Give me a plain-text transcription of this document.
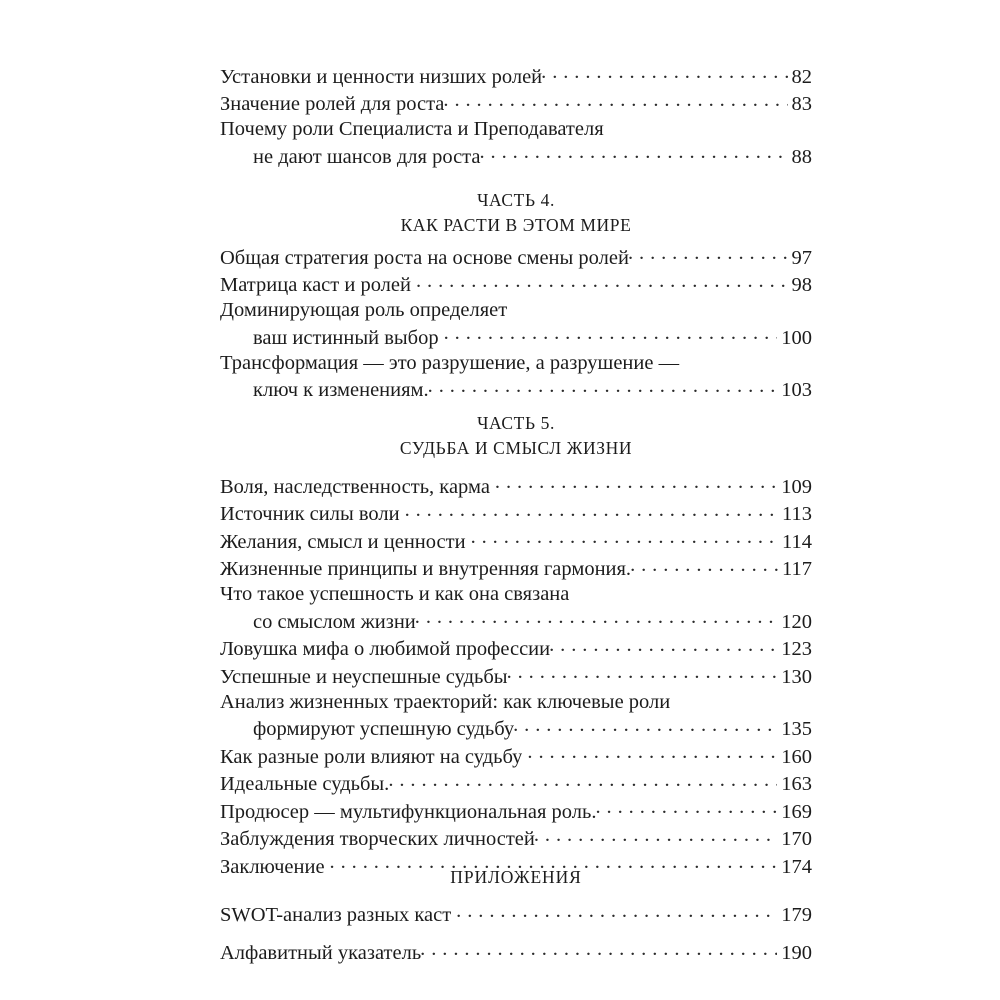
Установки и ценности низших ролей . . .	82
Значение ролей для роста . . .	83
Почему роли Специалиста и Преподавателя
не дают шансов для роста . . .	88
ЧАСТЬ 4.
КАК РАСТИ В ЭТОМ МИРЕ
Общая стратегия роста на основе смены ролей . . .	97
Матрица каст и ролей . . .	98
Доминирующая роль определяет
ваш истинный выбор . . .	100
Трансформация — это разрушение, а разрушение —
ключ к изменениям. . . .	103
ЧАСТЬ 5.
СУДЬБА И СМЫСЛ ЖИЗНИ
Воля, наследственность, карма . . .	109
Источник силы воли . . .	113
Желания, смысл и ценности . . .	114
Жизненные принципы и внутренняя гармония. . . .	117
Что такое успешность и как она связана
со смыслом жизни . . .	120
Ловушка мифа о любимой профессии . . .	123
Успешные и неуспешные судьбы . . .	130
Анализ жизненных траекторий: как ключевые роли
формируют успешную судьбу . . .	135
Как разные роли влияют на судьбу . . .	160
Идеальные судьбы. . . .	163
Продюсер — мультифункциональная роль. . . .	169
Заблуждения творческих личностей . . .	170
Заключение . . .	174
ПРИЛОЖЕНИЯ
SWOT-анализ разных каст . . .	179
Алфавитный указатель . . .	190
